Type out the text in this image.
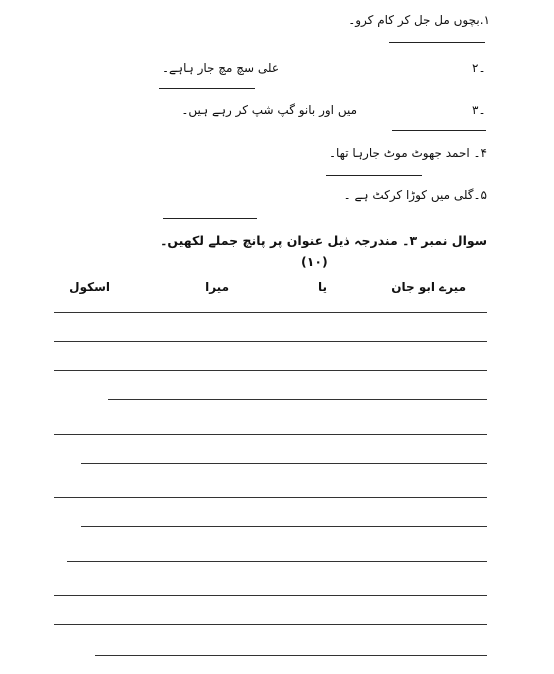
۱.بچوں مل جل کر کام کرو۔
۲۔
علی سچ مچ جار ہاہے۔
۳۔
میں اور بانو گپ شپ کر رہے ہیں۔
۴۔ احمد جھوٹ موٹ جارہا تھا۔
۵۔گلی میں کوڑا کرکٹ ہے ۔
سوال نمبر ۳۔ مندرجہ ذیل عنوان پر پانچ جملے لکھیں۔
(۱۰)
میرے ابو جان
یا
میرا
اسکول
